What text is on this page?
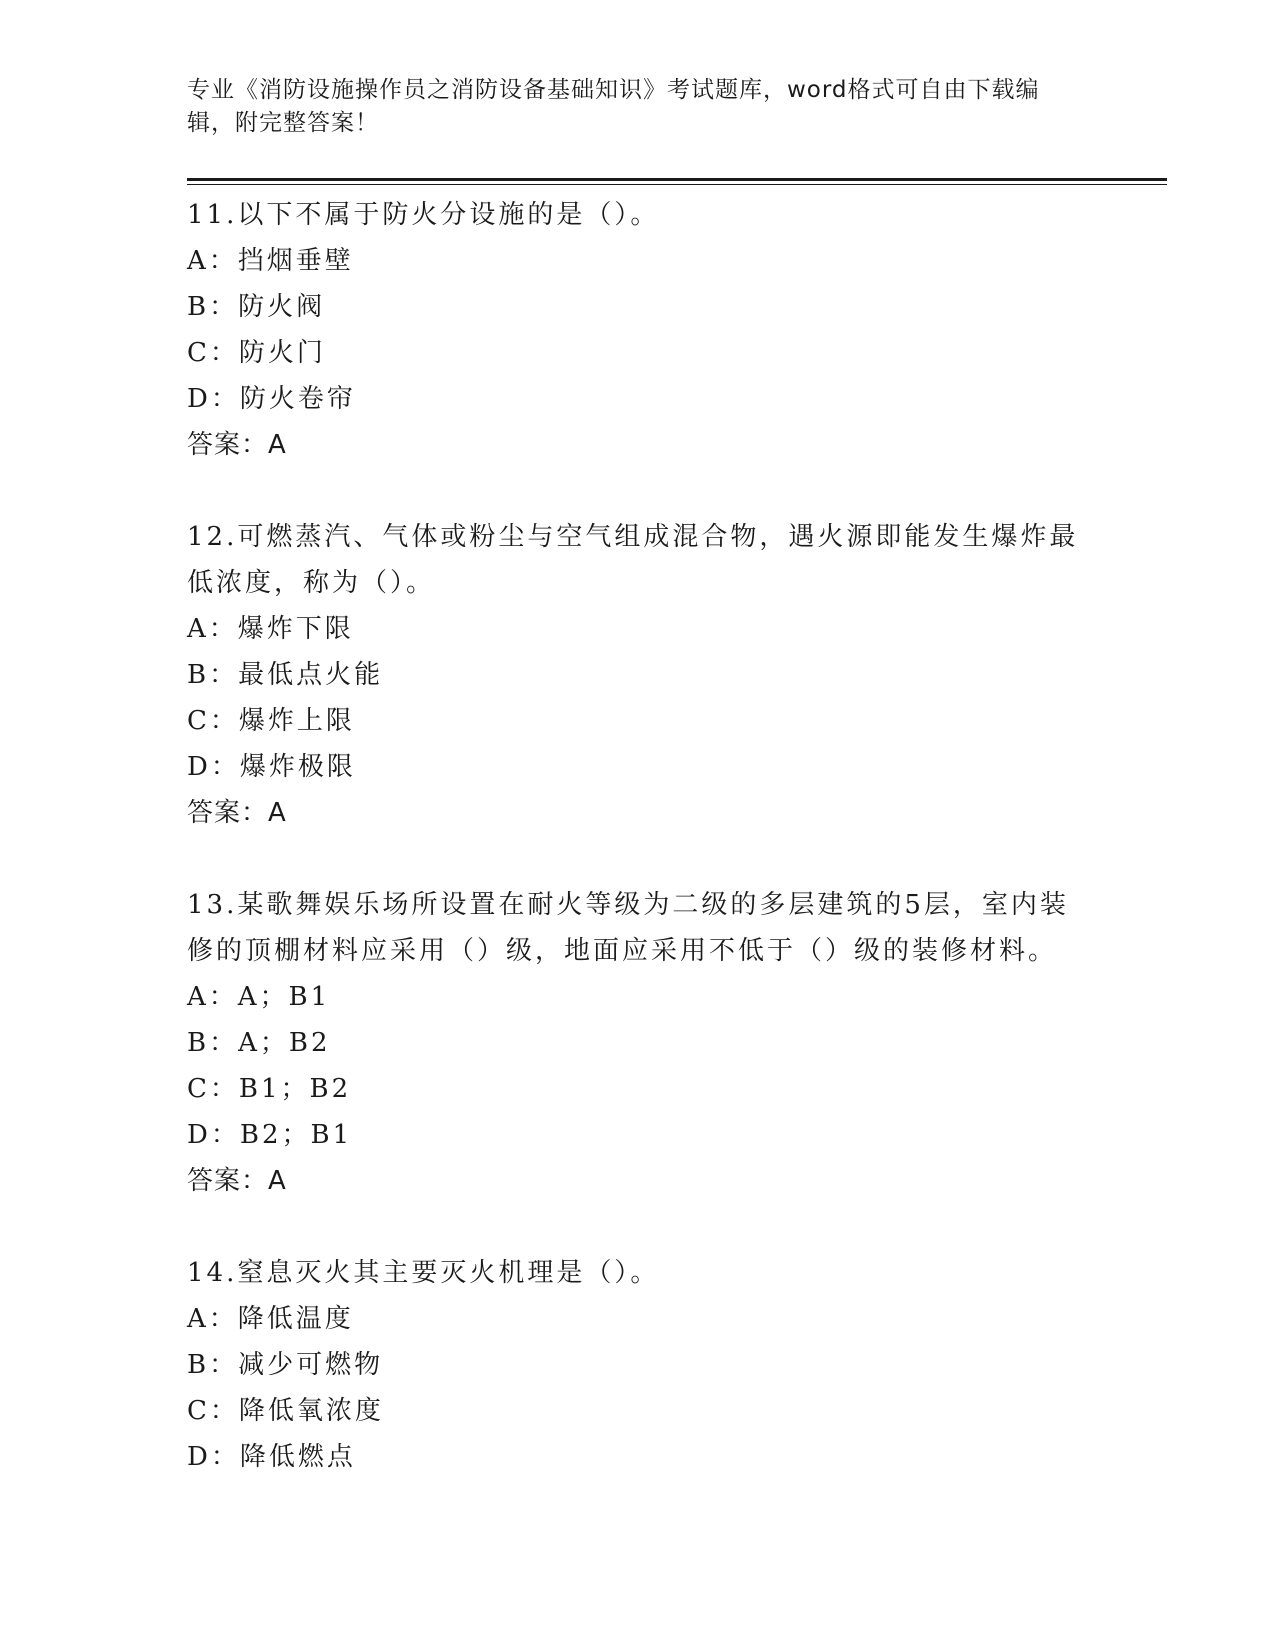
专业《消防设施操作员之消防设备基础知识》考试题库，word格式可自由下载编辑，附完整答案！
11.以下不属于防火分设施的是（）。
A：挡烟垂壁
B：防火阀
C：防火门
D：防火卷帘
答案：A
12.可燃蒸汽、气体或粉尘与空气组成混合物，遇火源即能发生爆炸最低浓度，称为（）。
A：爆炸下限
B：最低点火能
C：爆炸上限
D：爆炸极限
答案：A
13.某歌舞娱乐场所设置在耐火等级为二级的多层建筑的5层，室内装修的顶棚材料应采用（）级，地面应采用不低于（）级的装修材料。
A：A；B1
B：A；B2
C：B1；B2
D：B2；B1
答案：A
14.窒息灭火其主要灭火机理是（）。
A：降低温度
B：减少可燃物
C：降低氧浓度
D：降低燃点
